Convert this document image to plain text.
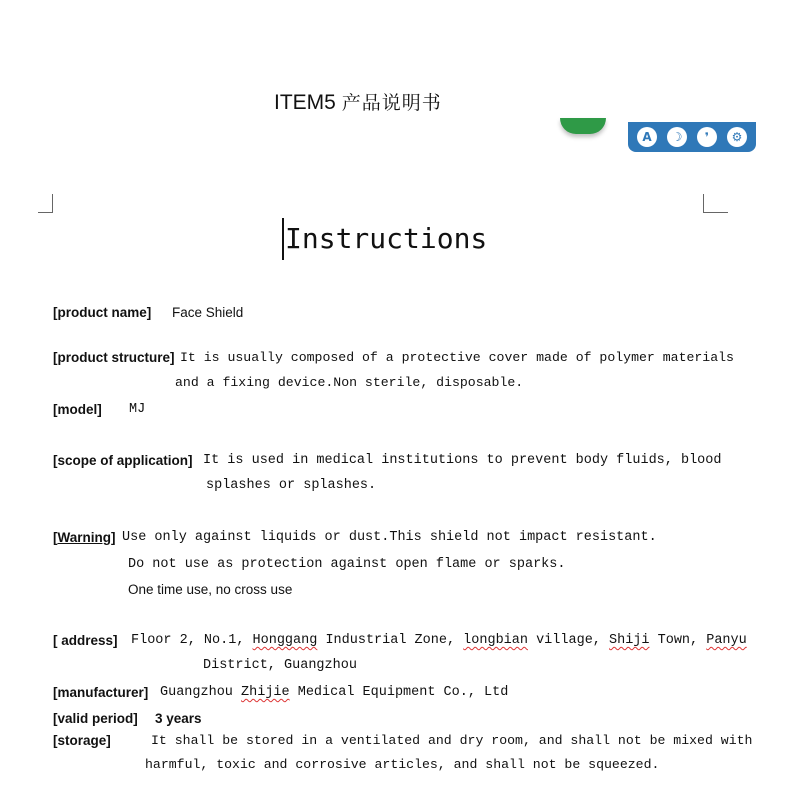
ITEM5 产品说明书
A	☽	❜	⚙
Instructions
[product name] Face Shield
[product structure] It is usually composed of a protective cover made of polymer materials
and a fixing device.Non sterile, disposable.
[model] MJ
[scope of application] It is used in medical institutions to prevent body fluids, blood
splashes or splashes.
[Warning] Use only against liquids or dust.This shield not impact resistant.
Do not use as protection against open flame or sparks.
One time use, no cross use
[ address] Floor 2, No.1, Honggang Industrial Zone, longbian village, Shiji Town, Panyu
District, Guangzhou
[manufacturer] Guangzhou Zhijie Medical Equipment Co., Ltd
[valid period] 3 years
[storage]	It shall be stored in a ventilated and dry room, and shall not be mixed with
harmful, toxic and corrosive articles, and shall not be squeezed.
